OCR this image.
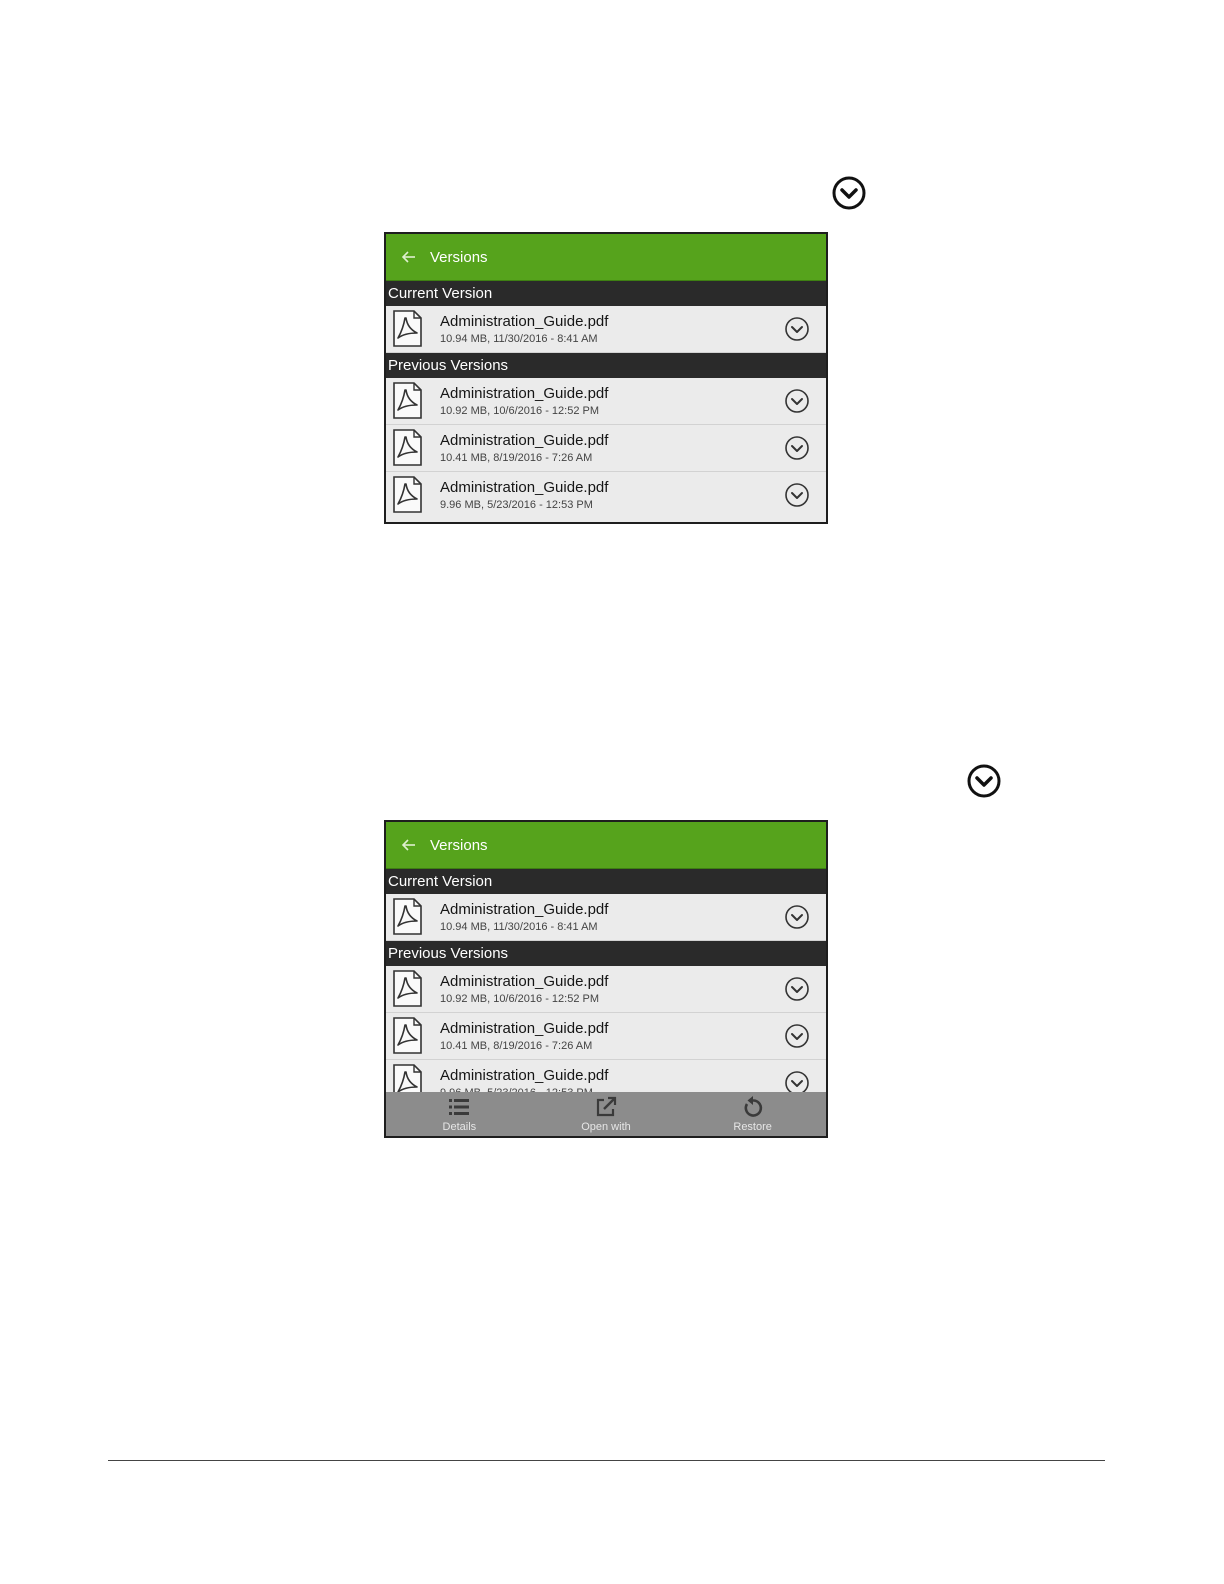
Versions
Current Version
Administration_Guide.pdf
10.94 MB, 11/30/2016 - 8:41 AM
Previous Versions
Administration_Guide.pdf
10.92 MB, 10/6/2016 - 12:52 PM
Administration_Guide.pdf
10.41 MB, 8/19/2016 - 7:26 AM
Administration_Guide.pdf
9.96 MB, 5/23/2016 - 12:53 PM
Versions
Current Version
Administration_Guide.pdf
10.94 MB, 11/30/2016 - 8:41 AM
Previous Versions
Administration_Guide.pdf
10.92 MB, 10/6/2016 - 12:52 PM
Administration_Guide.pdf
10.41 MB, 8/19/2016 - 7:26 AM
Administration_Guide.pdf
Details	Open with	Restore
